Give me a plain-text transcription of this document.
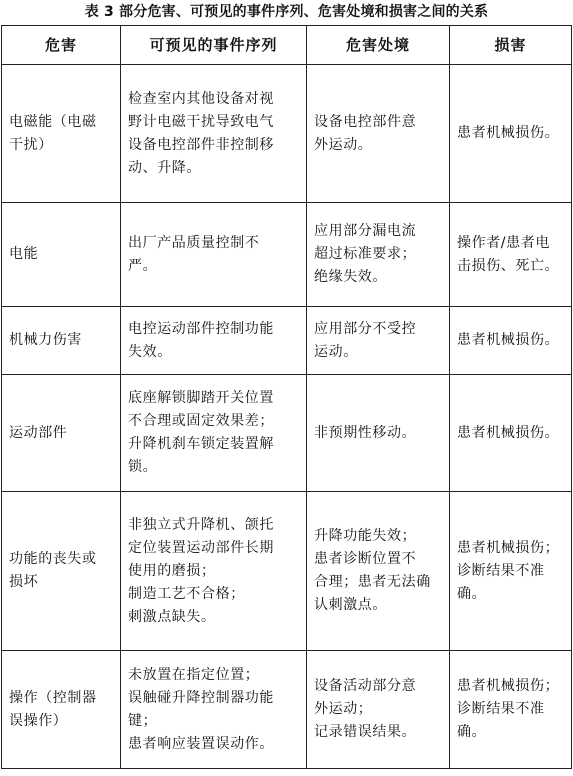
表 3 部分危害、可预见的事件序列、危害处境和损害之间的关系
危害	可预见的事件序列	危害处境	损害

电磁能（电磁
干扰）	检查室内其他设备对视
野计电磁干扰导致电气
设备电控部件非控制移
动、升降。	设备电控部件意
外运动。	患者机械损伤。

电能	出厂产品质量控制不
严。	应用部分漏电流
超过标准要求；
绝缘失效。	操作者/患者电
击损伤、死亡。

机械力伤害	电控运动部件控制功能
失效。	应用部分不受控
运动。	患者机械损伤。

运动部件	底座解锁脚踏开关位置
不合理或固定效果差；
升降机刹车锁定装置解
锁。	非预期性移动。	患者机械损伤。

功能的丧失或
损坏	非独立式升降机、颌托
定位装置运动部件长期
使用的磨损；
制造工艺不合格；
刺激点缺失。	升降功能失效；
患者诊断位置不
合理；患者无法确
认刺激点。	患者机械损伤；
诊断结果不准
确。

操作（控制器
误操作）	未放置在指定位置；
误触碰升降控制器功能
键；
患者响应装置误动作。	设备活动部分意
外运动；
记录错误结果。	患者机械损伤；
诊断结果不准
确。
